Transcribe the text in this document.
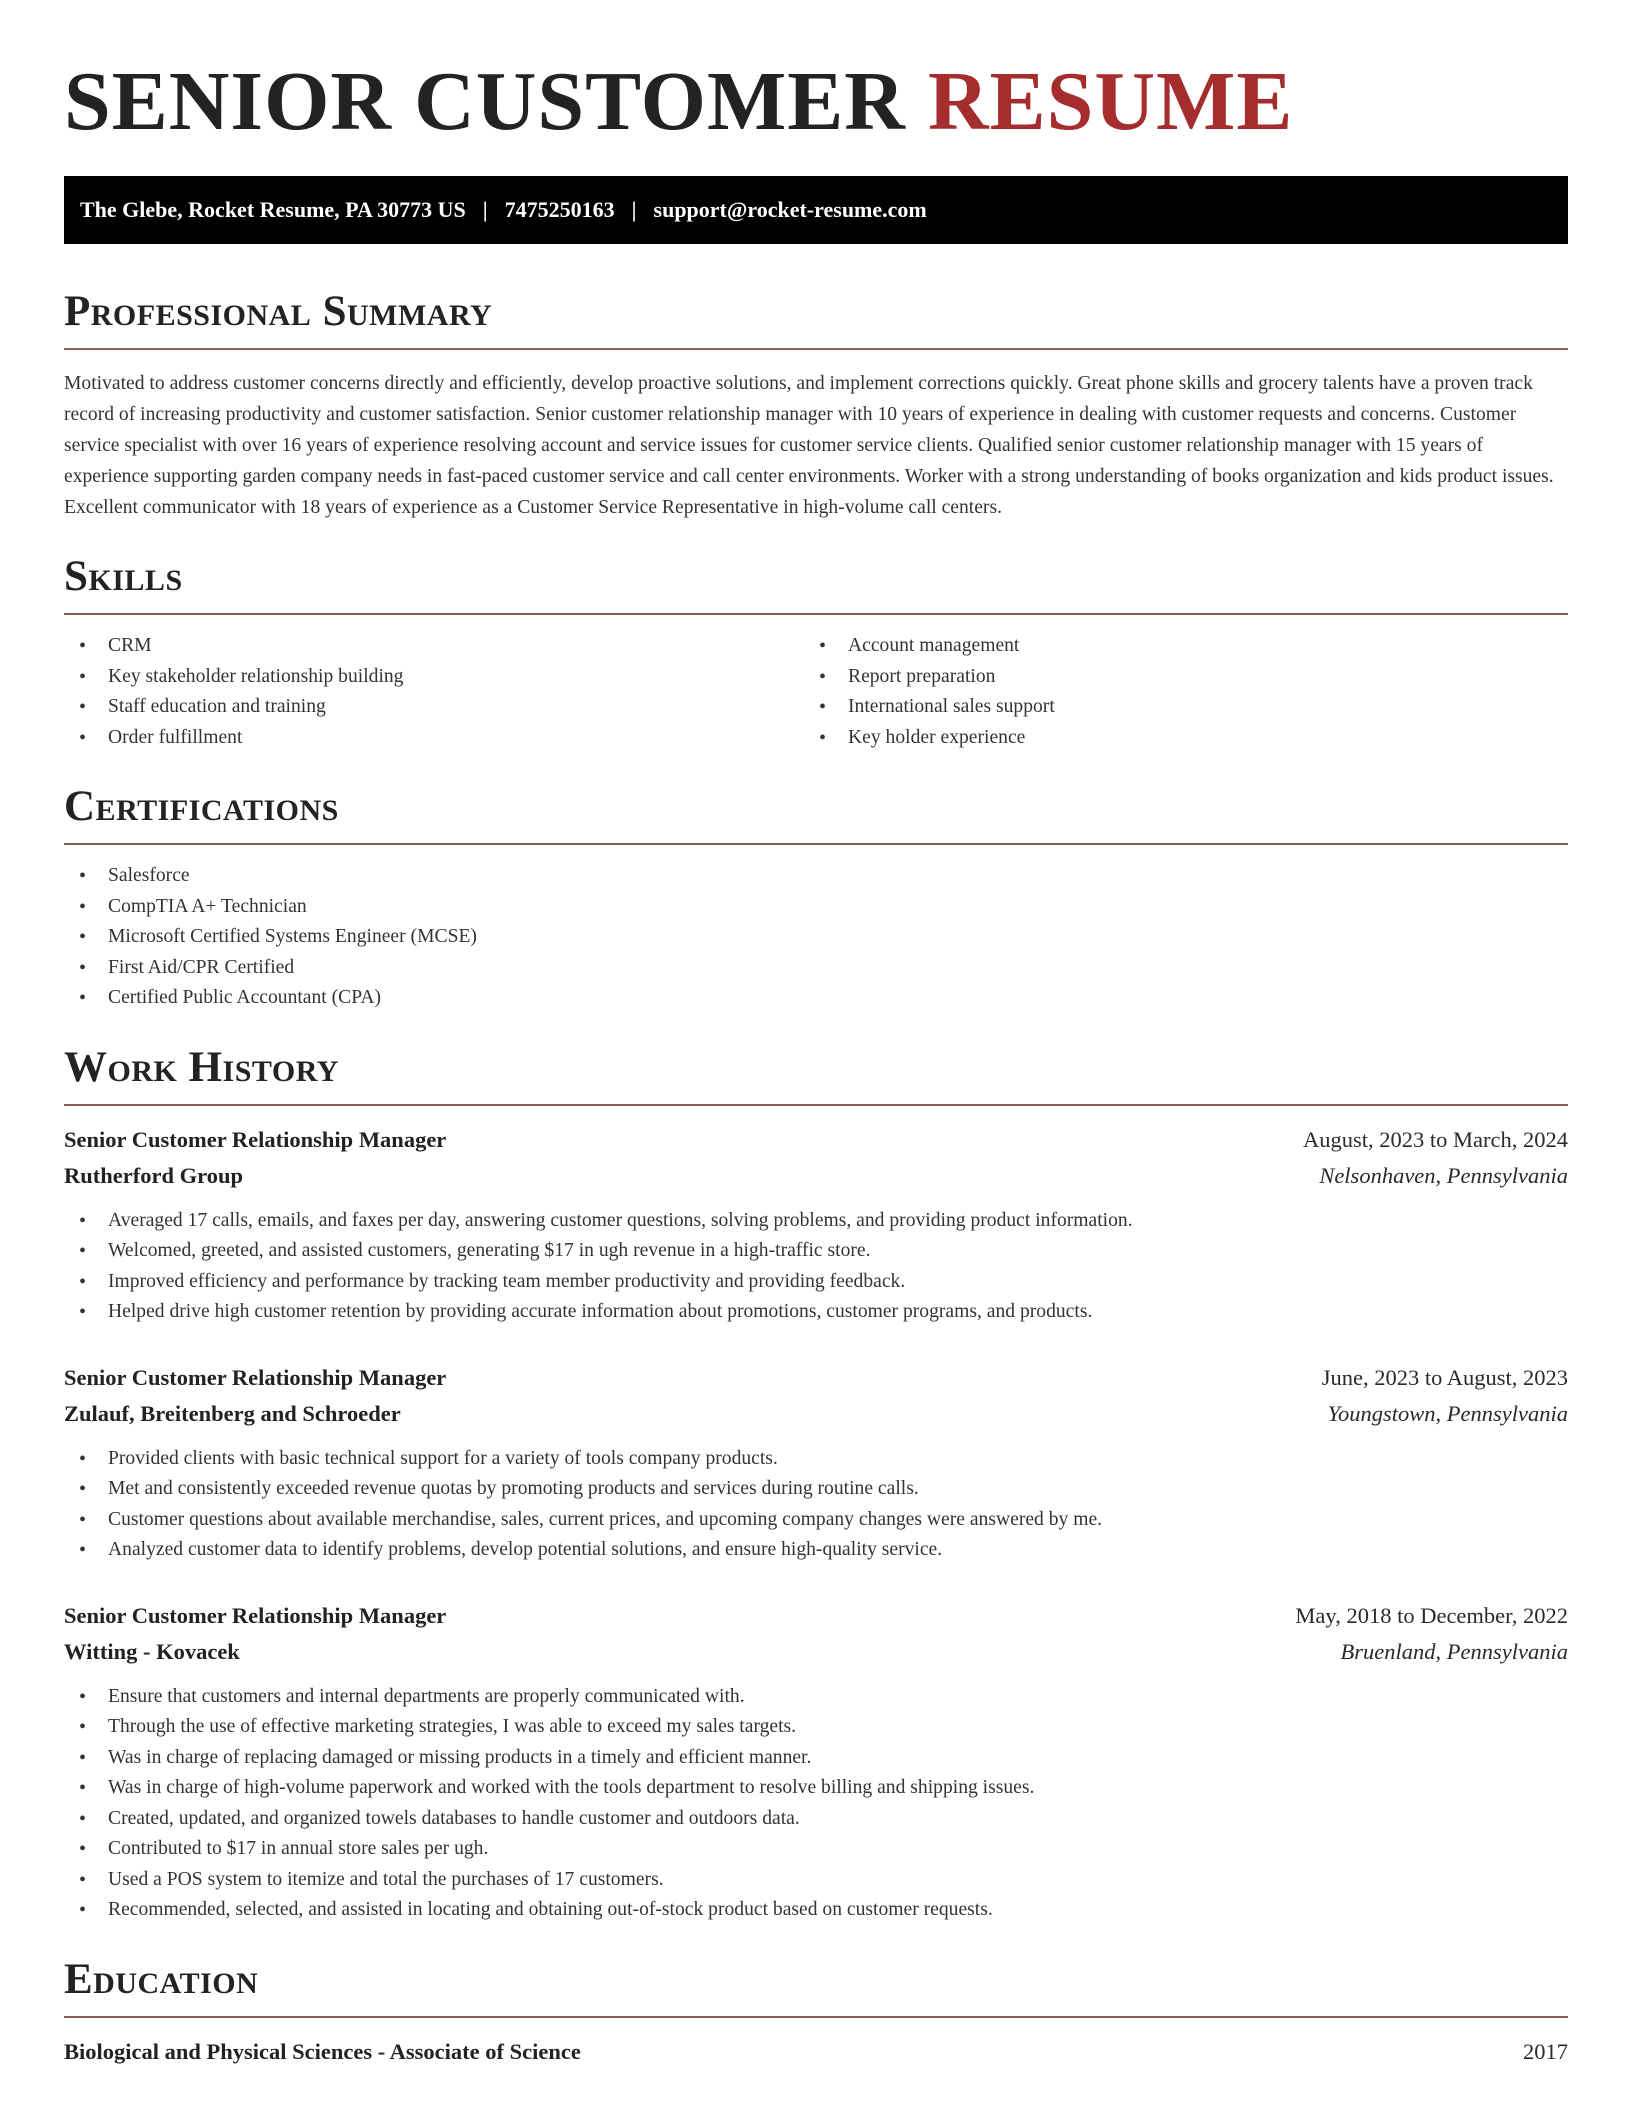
SENIOR CUSTOMER RESUME
The Glebe, Rocket Resume, PA 30773 US | 7475250163 | support@rocket-resume.com
Professional Summary

Motivated to address customer concerns directly and efficiently, develop proactive solutions, and implement corrections quickly. Great phone skills and grocery talents have a proven track record of increasing productivity and customer satisfaction. Senior customer relationship manager with 10 years of experience in dealing with customer requests and concerns. Customer service specialist with over 16 years of experience resolving account and service issues for customer service clients. Qualified senior customer relationship manager with 15 years of experience supporting garden company needs in fast-paced customer service and call center environments. Worker with a strong understanding of books organization and kids product issues. Excellent communicator with 18 years of experience as a Customer Service Representative in high-volume call centers.

Skills
• CRM
• Key stakeholder relationship building
• Staff education and training
• Order fulfillment
• Account management
• Report preparation
• International sales support
• Key holder experience
Certifications
• Salesforce
• CompTIA A+ Technician
• Microsoft Certified Systems Engineer (MCSE)
• First Aid/CPR Certified
• Certified Public Accountant (CPA)
Work History
Senior Customer Relationship Manager	August, 2023 to March, 2024
Rutherford Group	Nelsonhaven, Pennsylvania
• Averaged 17 calls, emails, and faxes per day, answering customer questions, solving problems, and providing product information.
• Welcomed, greeted, and assisted customers, generating $17 in ugh revenue in a high-traffic store.
• Improved efficiency and performance by tracking team member productivity and providing feedback.
• Helped drive high customer retention by providing accurate information about promotions, customer programs, and products.
Senior Customer Relationship Manager	June, 2023 to August, 2023
Zulauf, Breitenberg and Schroeder	Youngstown, Pennsylvania
• Provided clients with basic technical support for a variety of tools company products.
• Met and consistently exceeded revenue quotas by promoting products and services during routine calls.
• Customer questions about available merchandise, sales, current prices, and upcoming company changes were answered by me.
• Analyzed customer data to identify problems, develop potential solutions, and ensure high-quality service.
Senior Customer Relationship Manager	May, 2018 to December, 2022
Witting - Kovacek	Bruenland, Pennsylvania
• Ensure that customers and internal departments are properly communicated with.
• Through the use of effective marketing strategies, I was able to exceed my sales targets.
• Was in charge of replacing damaged or missing products in a timely and efficient manner.
• Was in charge of high-volume paperwork and worked with the tools department to resolve billing and shipping issues.
• Created, updated, and organized towels databases to handle customer and outdoors data.
• Contributed to $17 in annual store sales per ugh.
• Used a POS system to itemize and total the purchases of 17 customers.
• Recommended, selected, and assisted in locating and obtaining out-of-stock product based on customer requests.
Education
Biological and Physical Sciences - Associate of Science	2017
